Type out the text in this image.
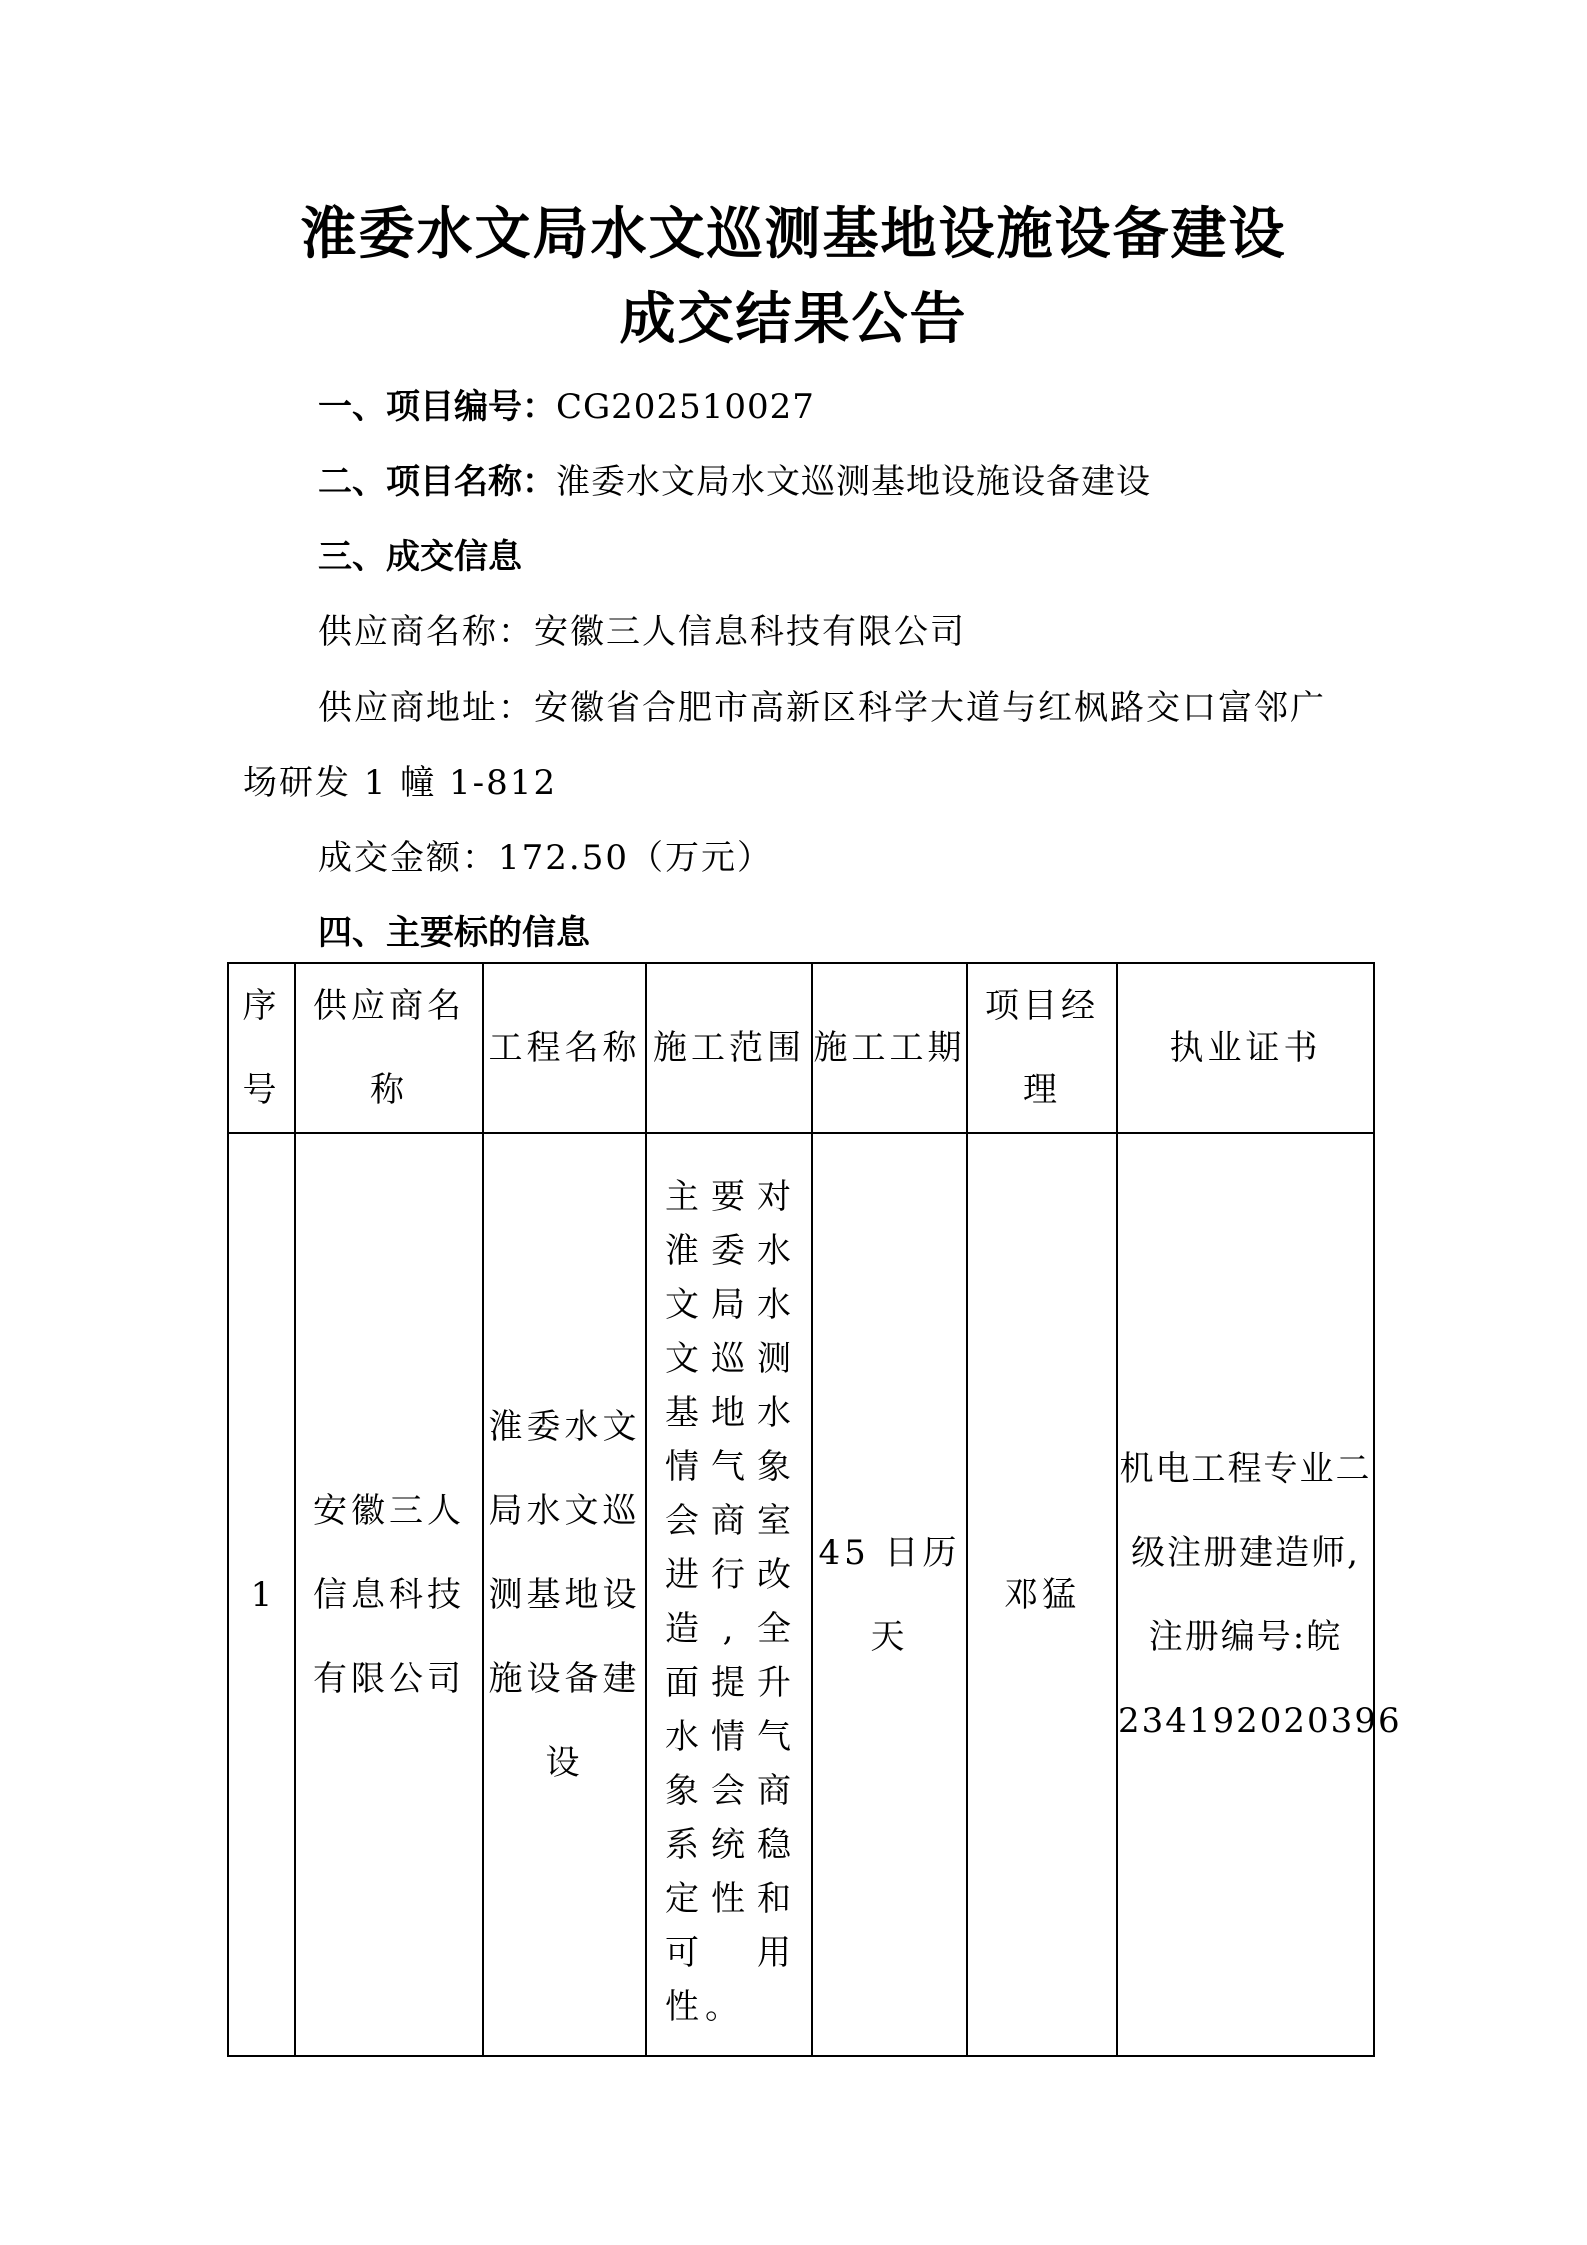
淮委水文局水文巡测基地设施设备建设
成交结果公告
一、项目编号：CG202510027
二、项目名称：淮委水文局水文巡测基地设施设备建设
三、成交信息
供应商名称：安徽三人信息科技有限公司
供应商地址：安徽省合肥市高新区科学大道与红枫路交口富邻广
场研发 1 幢 1-812
成交金额：172.50（万元）
四、主要标的信息
序号	供应商名称	工程名称	施工范围	施工工期	项目经理	执业证书
1	安徽三人信息科技有限公司	淮委水文局水文巡测基地设施设备建设	主要对淮委水文局水文巡测基地水情气象会商室进行改造,全面提升水情气象会商系统稳定性和可用性。	45 日历天	邓猛	机电工程专业二级注册建造师,注册编号:皖234192020396
